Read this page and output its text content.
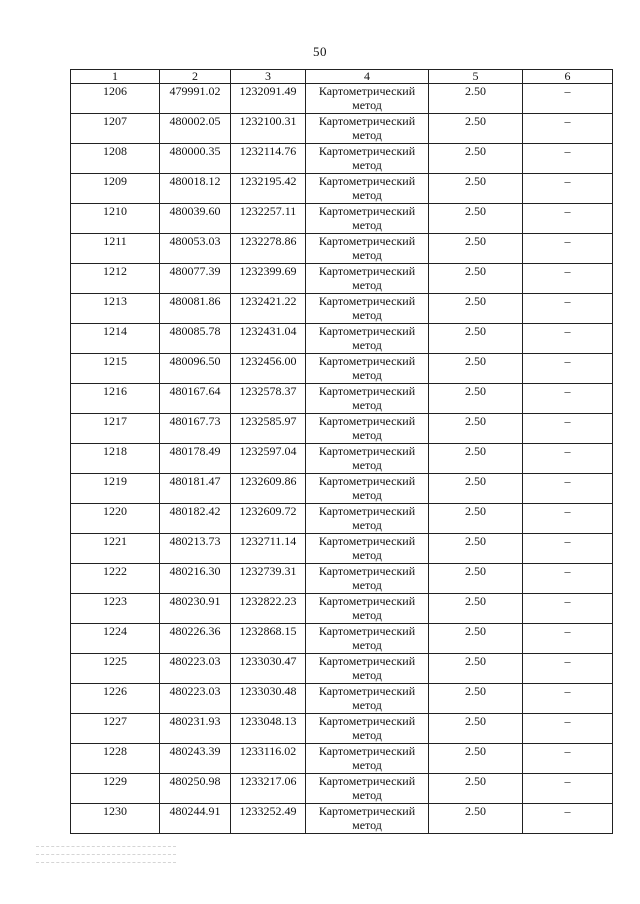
50
1	2	3	4	5	6
1206	479991.02	1232091.49	Картометрический метод	2.50	–
1207	480002.05	1232100.31	Картометрический метод	2.50	–
1208	480000.35	1232114.76	Картометрический метод	2.50	–
1209	480018.12	1232195.42	Картометрический метод	2.50	–
1210	480039.60	1232257.11	Картометрический метод	2.50	–
1211	480053.03	1232278.86	Картометрический метод	2.50	–
1212	480077.39	1232399.69	Картометрический метод	2.50	–
1213	480081.86	1232421.22	Картометрический метод	2.50	–
1214	480085.78	1232431.04	Картометрический метод	2.50	–
1215	480096.50	1232456.00	Картометрический метод	2.50	–
1216	480167.64	1232578.37	Картометрический метод	2.50	–
1217	480167.73	1232585.97	Картометрический метод	2.50	–
1218	480178.49	1232597.04	Картометрический метод	2.50	–
1219	480181.47	1232609.86	Картометрический метод	2.50	–
1220	480182.42	1232609.72	Картометрический метод	2.50	–
1221	480213.73	1232711.14	Картометрический метод	2.50	–
1222	480216.30	1232739.31	Картометрический метод	2.50	–
1223	480230.91	1232822.23	Картометрический метод	2.50	–
1224	480226.36	1232868.15	Картометрический метод	2.50	–
1225	480223.03	1233030.47	Картометрический метод	2.50	–
1226	480223.03	1233030.48	Картометрический метод	2.50	–
1227	480231.93	1233048.13	Картометрический метод	2.50	–
1228	480243.39	1233116.02	Картометрический метод	2.50	–
1229	480250.98	1233217.06	Картометрический метод	2.50	–
1230	480244.91	1233252.49	Картометрический метод	2.50	–
